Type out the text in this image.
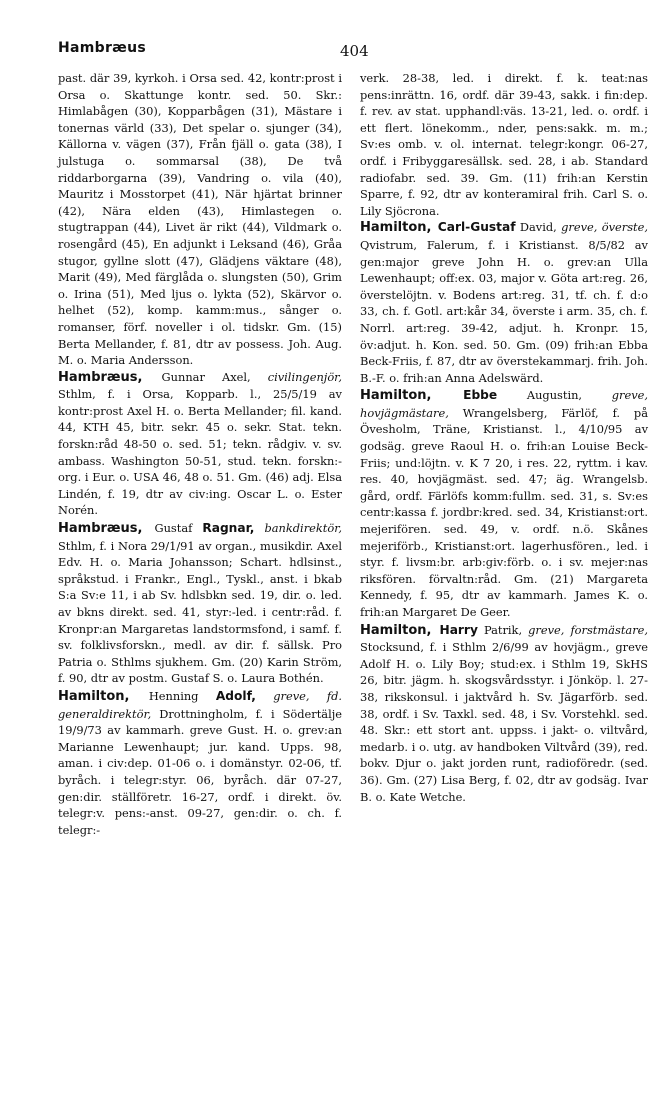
Hambræus	404

past. där 39, kyrkoh. i Orsa sed. 42, kontr:prost i Orsa o. Skattunge kontr. sed. 50. Skr.: Himlabågen (30), Kopparbågen (31), Mästare i tonernas värld (33), Det spelar o. sjunger (34), Källorna v. vägen (37), Från fjäll o. gata (38), I julstuga o. sommarsal (38), De två riddarborgarna (39), Vandring o. vila (40), Mauritz i Mosstorpet (41), När hjärtat brinner (42), Nära elden (43), Himlastegen o. stugtrappan (44), Livet är rikt (44), Vildmark o. rosengård (45), En adjunkt i Leksand (46), Gråa stugor, gyllne slott (47), Glädjens väktare (48), Marit (49), Med färglåda o. slungsten (50), Grim o. Irina (51), Med ljus o. lykta (52), Skärvor o. helhet (52), komp. kamm:mus., sånger o. romanser, förf. noveller i ol. tidskr. Gm. (15) Berta Mellander, f. 81, dtr av possess. Joh. Aug. M. o. Maria Andersson.

Hambræus, Gunnar Axel, civilingenjör, Sthlm, f. i Orsa, Kopparb. l., 25/5/19 av kontr:prost Axel H. o. Berta Mellander; fil. kand. 44, KTH 45, bitr. sekr. 45 o. sekr. Stat. tekn. forskn:råd 48-50 o. sed. 51; tekn. rådgiv. v. sv. ambass. Washington 50-51, stud. tekn. forskn:-org. i Eur. o. USA 46, 48 o. 51. Gm. (46) adj. Elsa Lindén, f. 19, dtr av civ:ing. Oscar L. o. Ester Norén.

Hambræus, Gustaf Ragnar, bankdirektör, Sthlm, f. i Nora 29/1/91 av organ., musikdir. Axel Edv. H. o. Maria Johansson; Schart. hdlsinst., språkstud. i Frankr., Engl., Tyskl., anst. i bkab S:a Sv:e 11, i ab Sv. hdlsbkn sed. 19, dir. o. led. av bkns direkt. sed. 41, styr:-led. i centr:råd. f. Kronpr:an Margaretas landstormsfond, i samf. f. sv. folklivsforskn., medl. av dir. f. sällsk. Pro Patria o. Sthlms sjukhem. Gm. (20) Karin Ström, f. 90, dtr av postm. Gustaf S. o. Laura Bothén.

Hamilton, Henning Adolf, greve, fd. generaldirektör, Drottningholm, f. i Södertälje 19/9/73 av kammarh. greve Gust. H. o. grev:an Marianne Lewenhaupt; jur. kand. Upps. 98, aman. i civ:dep. 01-06 o. i domänstyr. 02-06, tf. byråch. i telegr:styr. 06, byråch. där 07-27, gen:dir. ställföretr. 16-27, ordf. i direkt. öv. telegr:v. pens:-anst. 09-27, gen:dir. o. ch. f. telegr:-

verk. 28-38, led. i direkt. f. k. teat:nas pens:inrättn. 16, ordf. där 39-43, sakk. i fin:dep. f. rev. av stat. upphandl:väs. 13-21, led. o. ordf. i ett flert. lönekomm., nder, pens:sakk. m. m.; Sv:es omb. v. ol. internat. telegr:kongr. 06-27, ordf. i Fribyggaresällsk. sed. 28, i ab. Standard radiofabr. sed. 39. Gm. (11) frih:an Kerstin Sparre, f. 92, dtr av konteramiral frih. Carl S. o. Lily Sjöcrona.

Hamilton, Carl-Gustaf David, greve, överste, Qvistrum, Falerum, f. i Kristianst. 8/5/82 av gen:major greve John H. o. grev:an Ulla Lewenhaupt; off:ex. 03, major v. Göta art:reg. 26, överstelöjtn. v. Bodens art:reg. 31, tf. ch. f. d:o 33, ch. f. Gotl. art:kår 34, överste i arm. 35, ch. f. Norrl. art:reg. 39-42, adjut. h. Kronpr. 15, öv:adjut. h. Kon. sed. 50. Gm. (09) frih:an Ebba Beck-Friis, f. 87, dtr av överstekammarj. frih. Joh. B.-F. o. frih:an Anna Adelswärd.

Hamilton,	Ebbe	Augustin,	greve, hovjägmästare, Wrangelsberg, Färlöf, f. på Övesholm, Träne, Kristianst. l., 4/10/95 av godsäg. greve Raoul H. o. frih:an Louise Beck-Friis; und:löjtn. v. K 7 20, i res. 22, ryttm. i kav. res. 40, hovjägmäst. sed. 47; äg. Wrangelsb. gård, ordf. Färlöfs komm:fullm. sed. 31, s. Sv:es centr:kassa f. jordbr:kred. sed. 34, Kristianst:ort. mejerifören. sed. 49, v. ordf. n.ö. Skånes mejeriförb., Kristianst:ort. lagerhusfören., led. i styr. f. livsm:br. arb:giv:förb. o. i sv. mejer:nas riksfören. förvaltn:råd. Gm. (21) Margareta Kennedy, f. 95, dtr av kammarh. James K. o. frih:an Margaret De Geer.

Hamilton, Harry Patrik, greve, forstmästare, Stocksund, f. i Sthlm 2/6/99 av hovjägm., greve Adolf H. o. Lily Boy; stud:ex. i Sthlm 19, SkHS 26, bitr. jägm. h. skogsvårdsstyr. i Jönköp. l. 27-38, rikskonsul. i jaktvård h. Sv. Jägarförb. sed. 38, ordf. i Sv. Taxkl. sed. 48, i Sv. Vorstehkl. sed. 48. Skr.: ett stort ant. uppss. i jakt- o. viltvård, medarb. i o. utg. av handboken Viltvård (39), red. bokv. Djur o. jakt jorden runt, radioföredr. (sed. 36). Gm. (27) Lisa Berg, f. 02, dtr av godsäg. Ivar B. o. Kate Wetche.
